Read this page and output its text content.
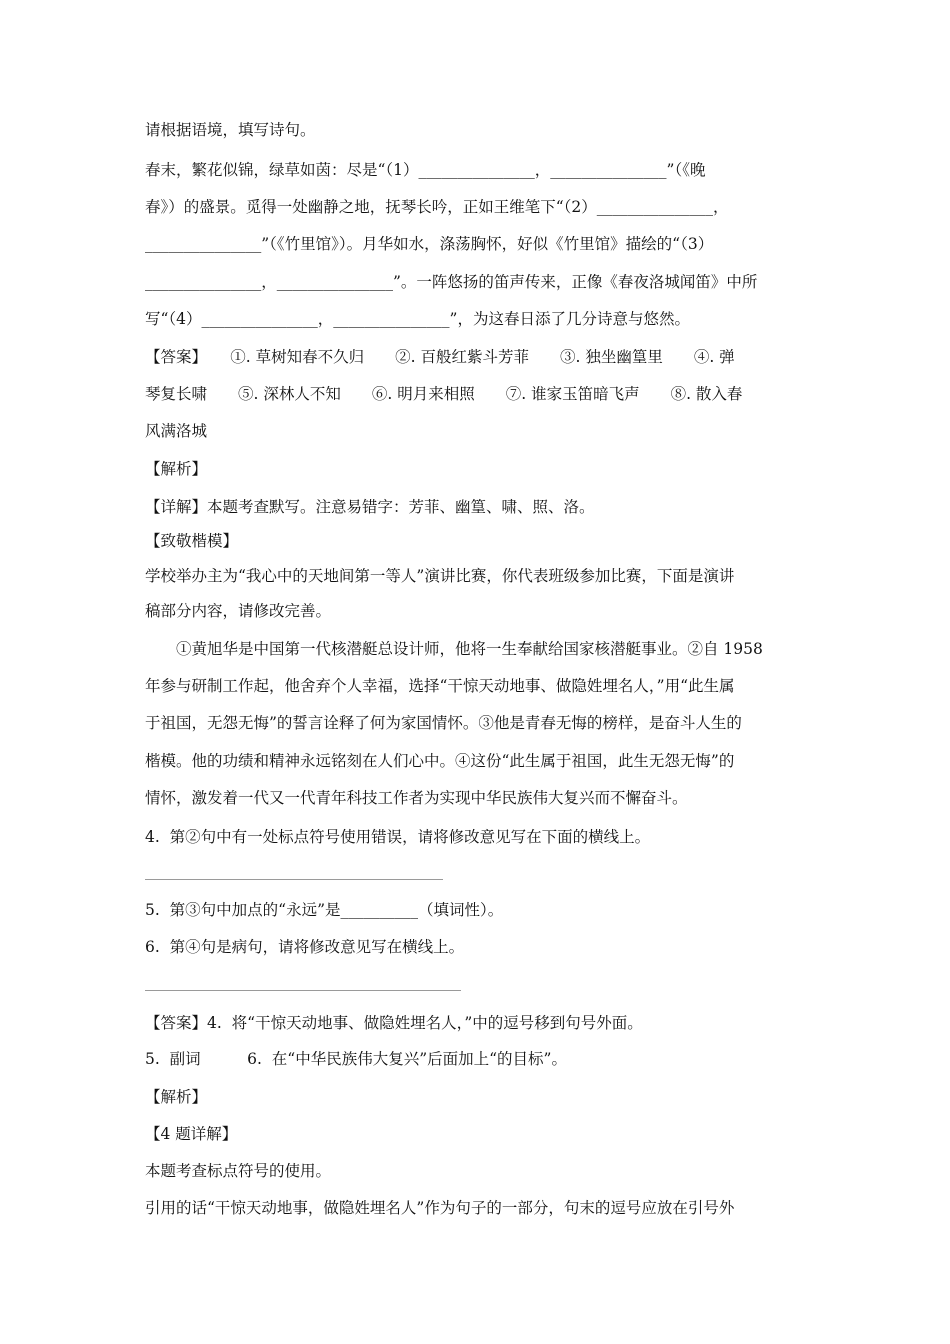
请根据语境，填写诗句。
春末，繁花似锦，绿草如茵：尽是“（1）_______________，_______________”（《晚
春》）的盛景。觅得一处幽静之地，抚琴长吟，正如王维笔下“（2）_______________，
_______________”（《竹里馆》）。月华如水，涤荡胸怀，好似《竹里馆》描绘的“（3）
_______________，_______________”。一阵悠扬的笛声传来，正像《春夜洛城闻笛》中所
写“（4）_______________，_______________”，为这春日添了几分诗意与悠然。
【答案】　　①. 草树知春不久归　　②. 百般红紫斗芳菲　　③. 独坐幽篁里　　④. 弹
琴复长啸　　⑤. 深林人不知　　⑥. 明月来相照　　⑦. 谁家玉笛暗飞声　　⑧. 散入春
风满洛城
【解析】
【详解】本题考查默写。注意易错字：芳菲、幽篁、啸、照、洛。
【致敬楷模】
学校举办主为“我心中的天地间第一等人”演讲比赛，你代表班级参加比赛，下面是演讲
稿部分内容，请修改完善。
①黄旭华是中国第一代核潜艇总设计师，他将一生奉献给国家核潜艇事业。②自 1958
年参与研制工作起，他舍弃个人幸福，选择“干惊天动地事、做隐姓埋名人，”用“此生属
于祖国，无怨无悔”的誓言诠释了何为家国情怀。③他是青春无悔的榜样，是奋斗人生的
楷模。他的功绩和精神永远铭刻在人们心中。④这份“此生属于祖国，此生无怨无悔”的
情怀，激发着一代又一代青年科技工作者为实现中华民族伟大复兴而不懈奋斗。
4.  第②句中有一处标点符号使用错误，请将修改意见写在下面的横线上。
5.  第③句中加点的“永远”是__________（填词性）。
6.  第④句是病句，请将修改意见写在横线上。
【答案】4.  将“干惊天动地事、做隐姓埋名人，”中的逗号移到句号外面。
5.  副词　　　6.  在“中华民族伟大复兴”后面加上“的目标”。
【解析】
【4 题详解】
本题考查标点符号的使用。
引用的话“干惊天动地事，做隐姓埋名人”作为句子的一部分，句末的逗号应放在引号外
